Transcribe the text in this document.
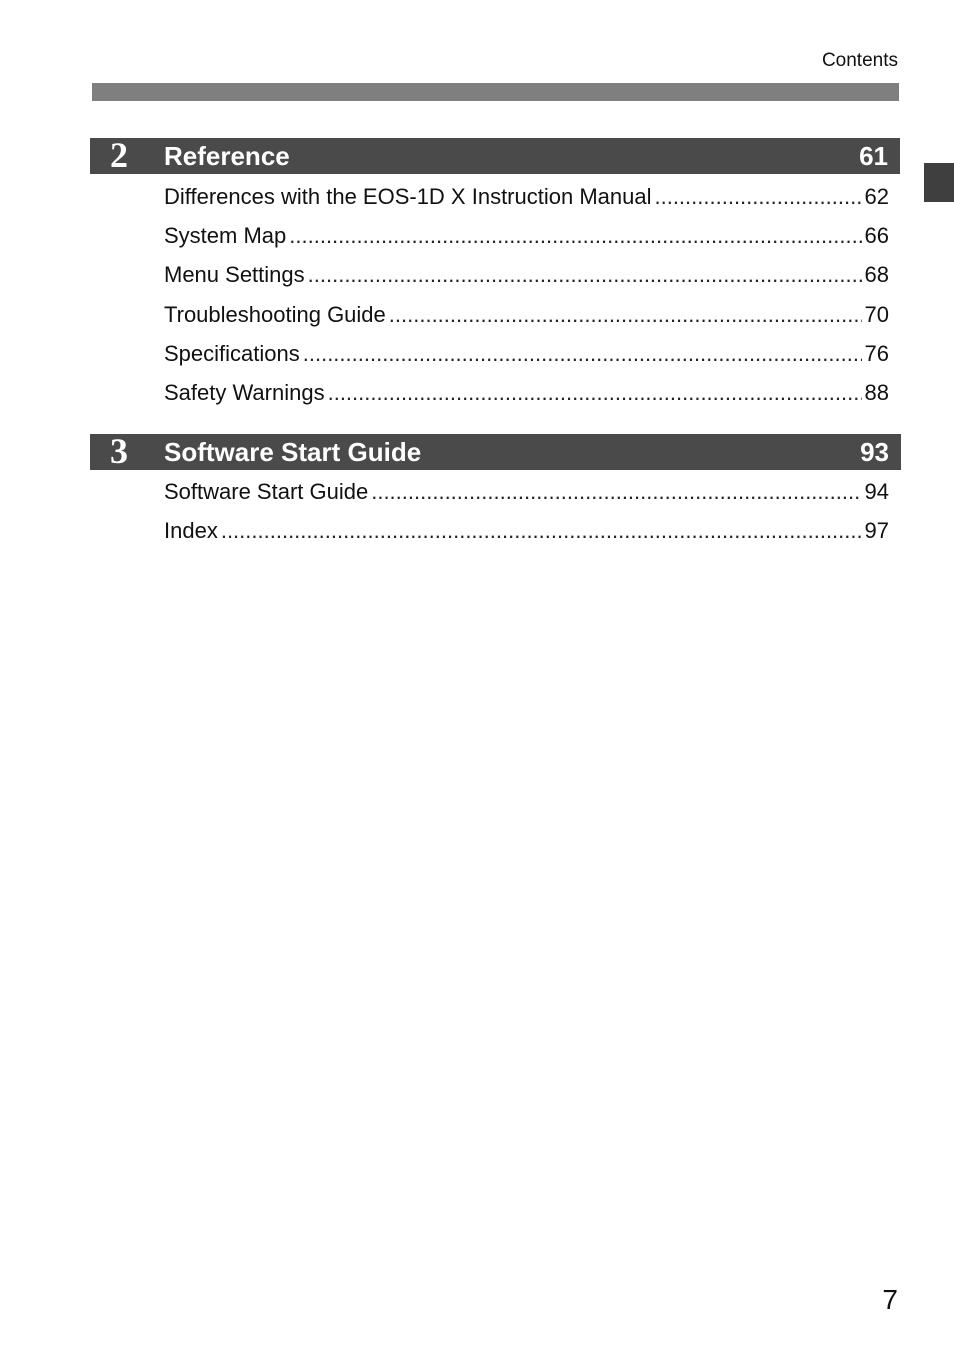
Contents
2 Reference	61
Differences with the EOS-1D X Instruction Manual .....	62
System Map .....	66
Menu Settings .....	68
Troubleshooting Guide .....	70
Specifications .....	76
Safety Warnings .....	88
3 Software Start Guide	93
Software Start Guide .....	94
Index .....	97
7
